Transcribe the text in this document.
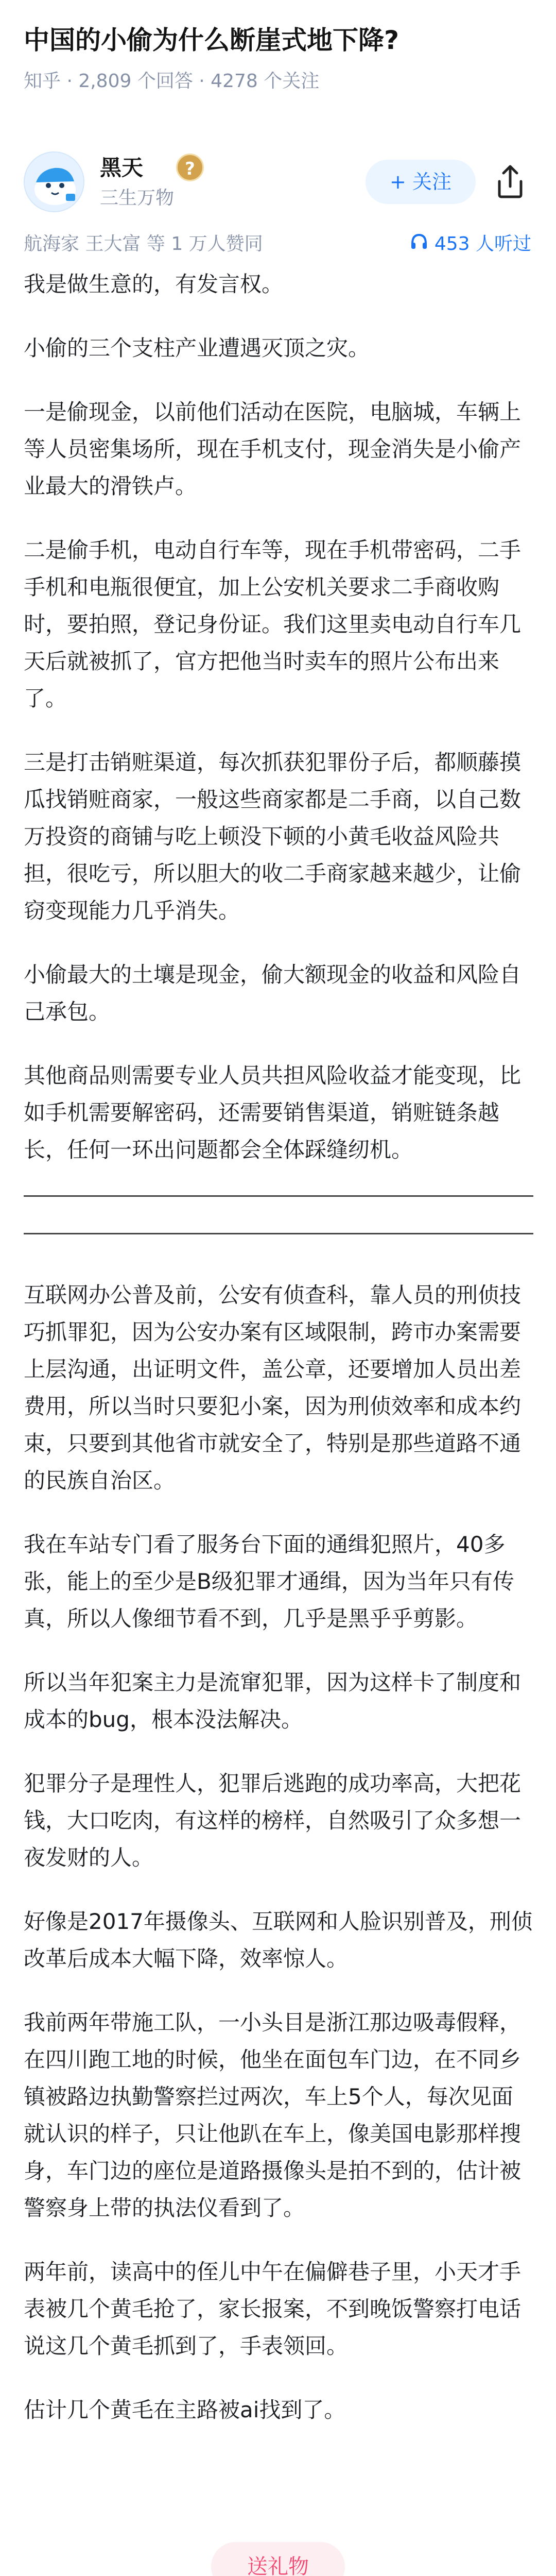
中国的小偷为什么断崖式地下降?
知乎 · 2,809 个回答 · 4278 个关注
黑天	?
三生万物
+ 关注
航海家 王大富 等 1 万人赞同	453 人听过

我是做生意的，有发言权。

小偷的三个支柱产业遭遇灭顶之灾。

一是偷现金，以前他们活动在医院，电脑城，车辆上等人员密集场所，现在手机支付，现金消失是小偷产业最大的滑铁卢。

二是偷手机，电动自行车等，现在手机带密码，二手手机和电瓶很便宜，加上公安机关要求二手商收购时，要拍照，登记身份证。我们这里卖电动自行车几天后就被抓了，官方把他当时卖车的照片公布出来了。

三是打击销赃渠道，每次抓获犯罪份子后，都顺藤摸瓜找销赃商家，一般这些商家都是二手商，以自己数万投资的商铺与吃上顿没下顿的小黄毛收益风险共担，很吃亏，所以胆大的收二手商家越来越少，让偷窃变现能力几乎消失。

小偷最大的土壤是现金，偷大额现金的收益和风险自己承包。

其他商品则需要专业人员共担风险收益才能变现，比如手机需要解密码，还需要销售渠道，销赃链条越长，任何一环出问题都会全体踩缝纫机。

互联网办公普及前，公安有侦查科，靠人员的刑侦技巧抓罪犯，因为公安办案有区域限制，跨市办案需要上层沟通，出证明文件，盖公章，还要增加人员出差费用，所以当时只要犯小案，因为刑侦效率和成本约束，只要到其他省市就安全了，特别是那些道路不通的民族自治区。

我在车站专门看了服务台下面的通缉犯照片，40多张，能上的至少是B级犯罪才通缉，因为当年只有传真，所以人像细节看不到，几乎是黑乎乎剪影。

所以当年犯案主力是流窜犯罪，因为这样卡了制度和成本的bug，根本没法解决。

犯罪分子是理性人，犯罪后逃跑的成功率高，大把花钱，大口吃肉，有这样的榜样，自然吸引了众多想一夜发财的人。

好像是2017年摄像头、互联网和人脸识别普及，刑侦改革后成本大幅下降，效率惊人。

我前两年带施工队，一小头目是浙江那边吸毒假释，在四川跑工地的时候，他坐在面包车门边，在不同乡镇被路边执勤警察拦过两次，车上5个人，每次见面就认识的样子，只让他趴在车上，像美国电影那样搜身，车门边的座位是道路摄像头是拍不到的，估计被警察身上带的执法仪看到了。

两年前，读高中的侄儿中午在偏僻巷子里，小天才手表被几个黄毛抢了，家长报案，不到晚饭警察打电话说这几个黄毛抓到了，手表领回。

估计几个黄毛在主路被ai找到了。

送礼物
